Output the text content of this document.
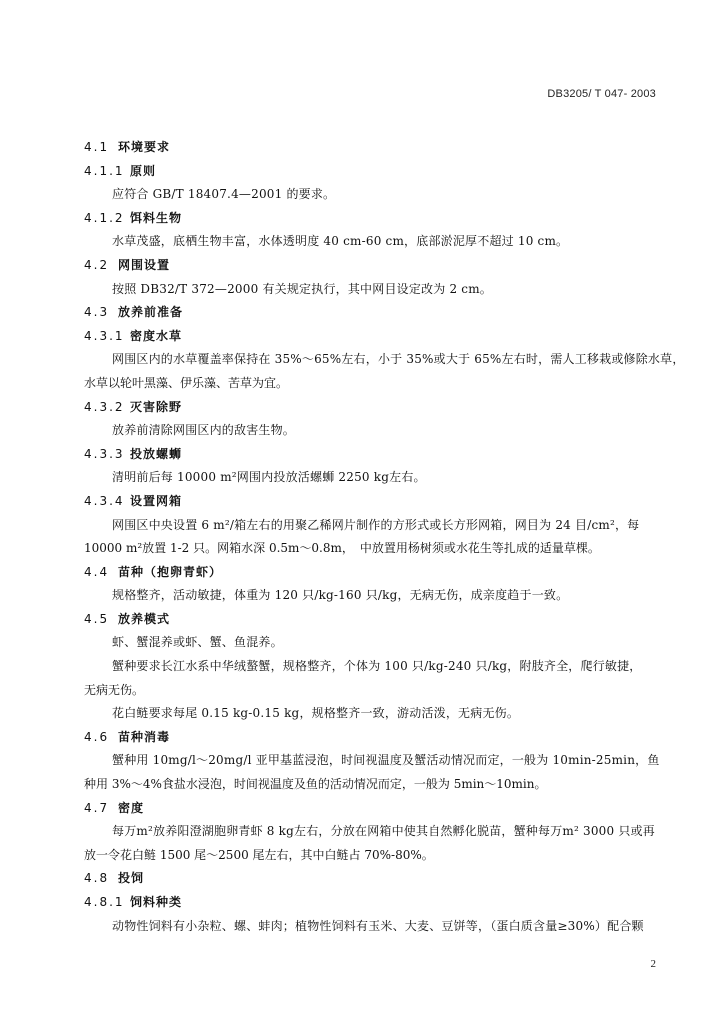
DB3205/ T 047- 2003
4.1 环境要求
4.1.1 原则
应符合 GB/T 18407.4—2001 的要求。
4.1.2 饵料生物
水草茂盛，底栖生物丰富，水体透明度 40 cm-60 cm，底部淤泥厚不超过 10 cm。
4.2 网围设置
按照 DB32/T 372—2000 有关规定执行，其中网目设定改为 2 cm。
4.3 放养前准备
4.3.1 密度水草
网围区内的水草覆盖率保持在 35%～65%左右，小于 35%或大于 65%左右时，需人工移栽或修除水草，
水草以轮叶黑藻、伊乐藻、苦草为宜。
4.3.2 灭害除野
放养前清除网围区内的敌害生物。
4.3.3 投放螺蛳
清明前后每 10000 m²网围内投放活螺蛳 2250 kg左右。
4.3.4 设置网箱
网围区中央设置 6 m²/箱左右的用聚乙稀网片制作的方形式或长方形网箱，网目为 24 目/cm²，每
10000 m²放置 1-2 只。网箱水深 0.5m～0.8m，　中放置用杨树须或水花生等扎成的适量草棵。
4.4 苗种（抱卵青虾）
规格整齐，活动敏捷，体重为 120 只/kg-160 只/kg，无病无伤，成亲度趋于一致。
4.5 放养模式
虾、蟹混养或虾、蟹、鱼混养。
蟹种要求长江水系中华绒螯蟹，规格整齐，个体为 100 只/kg-240 只/kg，附肢齐全，爬行敏捷，
无病无伤。
花白鲢要求每尾 0.15 kg-0.15 kg，规格整齐一致，游动活泼，无病无伤。
4.6 苗种消毒
蟹种用 10mg/l～20mg/l 亚甲基蓝浸泡，时间视温度及蟹活动情况而定，一般为 10min-25min，鱼
种用 3%～4%食盐水浸泡，时间视温度及鱼的活动情况而定，一般为 5min～10min。
4.7 密度
每万m²放养阳澄湖胞卵青虾 8 kg左右，分放在网箱中使其自然孵化脱苗，蟹种每万m² 3000 只或再
放一令花白鲢 1500 尾～2500 尾左右，其中白鲢占 70%-80%。
4.8 投饲
4.8.1 饲料种类
动物性饲料有小杂粒、螺、蚌肉；植物性饲料有玉米、大麦、豆饼等，（蛋白质含量≥30%）配合颗
2
